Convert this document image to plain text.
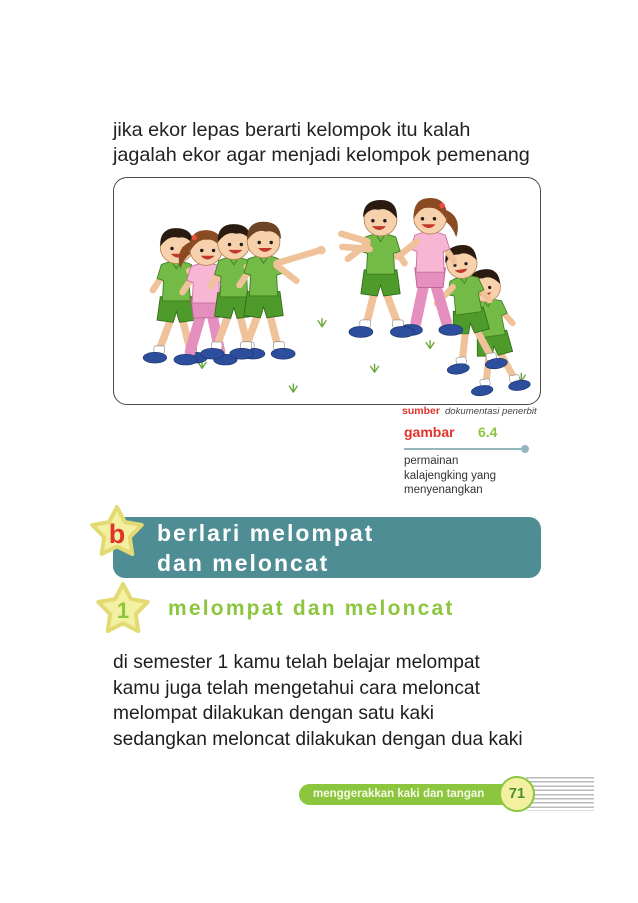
jika ekor lepas berarti kelompok itu kalah
jagalah ekor agar menjadi kelompok pemenang
sumber dokumentasi penerbit
gambar 6.4
permainan
kalajengking yang
menyenangkan
berlari melompat
dan meloncat
b
1	melompat dan meloncat
di semester 1 kamu telah belajar melompat
kamu juga telah mengetahui cara meloncat
melompat dilakukan dengan satu kaki
sedangkan meloncat dilakukan dengan dua kaki
menggerakkan kaki dan tangan	71
